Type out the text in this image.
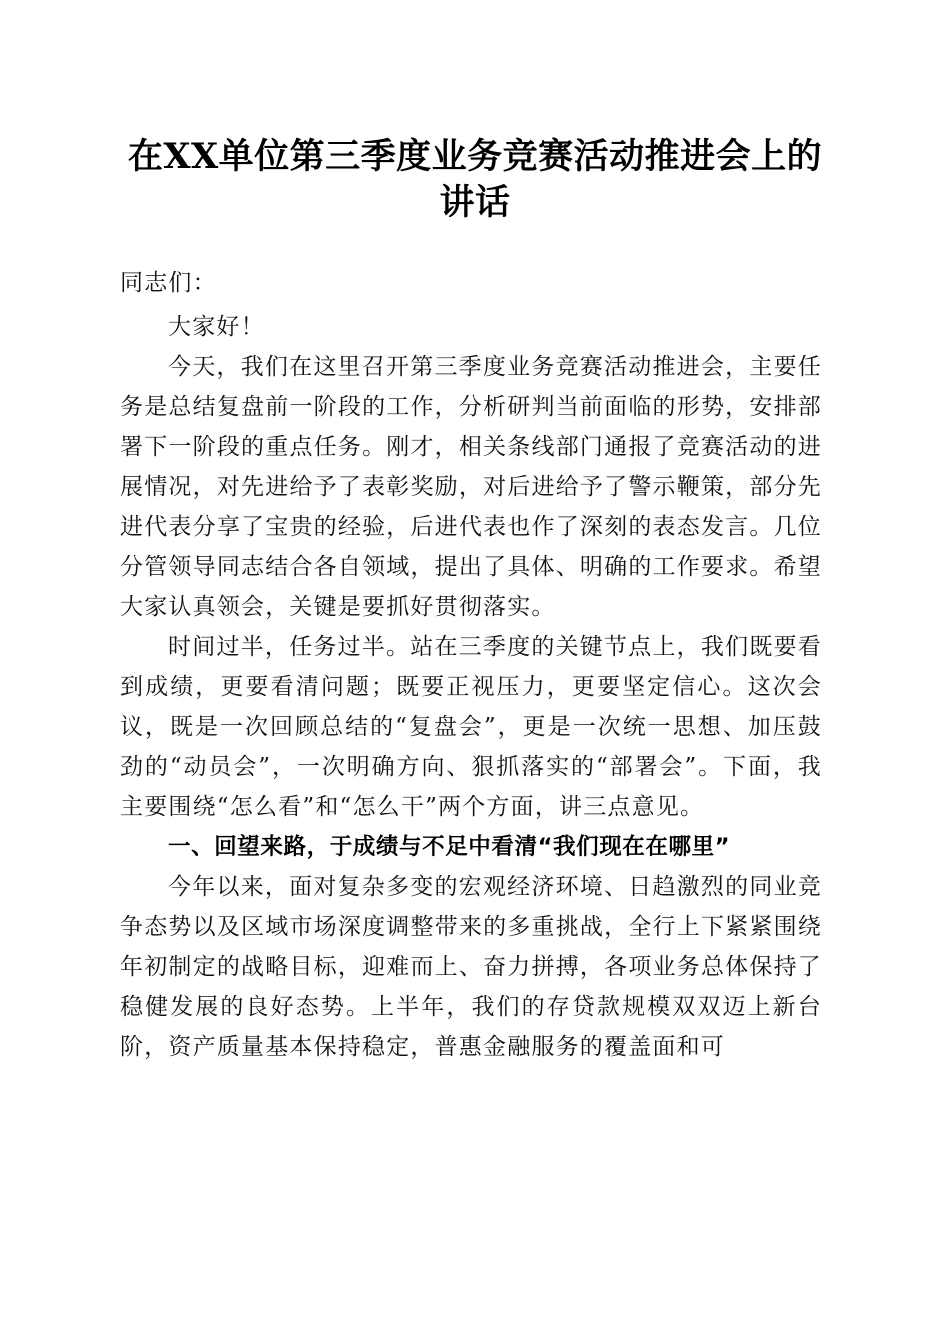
在XX单位第三季度业务竞赛活动推进会上的
讲话

同志们：

大家好！

今天，我们在这里召开第三季度业务竞赛活动推进会，主要任务是总结复盘前一阶段的工作，分析研判当前面临的形势，安排部署下一阶段的重点任务。刚才，相关条线部门通报了竞赛活动的进展情况，对先进给予了表彰奖励，对后进给予了警示鞭策，部分先进代表分享了宝贵的经验，后进代表也作了深刻的表态发言。几位分管领导同志结合各自领域，提出了具体、明确的工作要求。希望大家认真领会，关键是要抓好贯彻落实。

时间过半，任务过半。站在三季度的关键节点上，我们既要看到成绩，更要看清问题；既要正视压力，更要坚定信心。这次会议，既是一次回顾总结的“复盘会”，更是一次统一思想、加压鼓劲的“动员会”，一次明确方向、狠抓落实的“部署会”。下面，我主要围绕“怎么看”和“怎么干”两个方面，讲三点意见。

一、回望来路，于成绩与不足中看清“我们现在在哪里”

今年以来，面对复杂多变的宏观经济环境、日趋激烈的同业竞争态势以及区域市场深度调整带来的多重挑战，全行上下紧紧围绕年初制定的战略目标，迎难而上、奋力拼搏，各项业务总体保持了稳健发展的良好态势。上半年，我们的存贷款规模双双迈上新台阶，资产质量基本保持稳定，普惠金融服务的覆盖面和可
